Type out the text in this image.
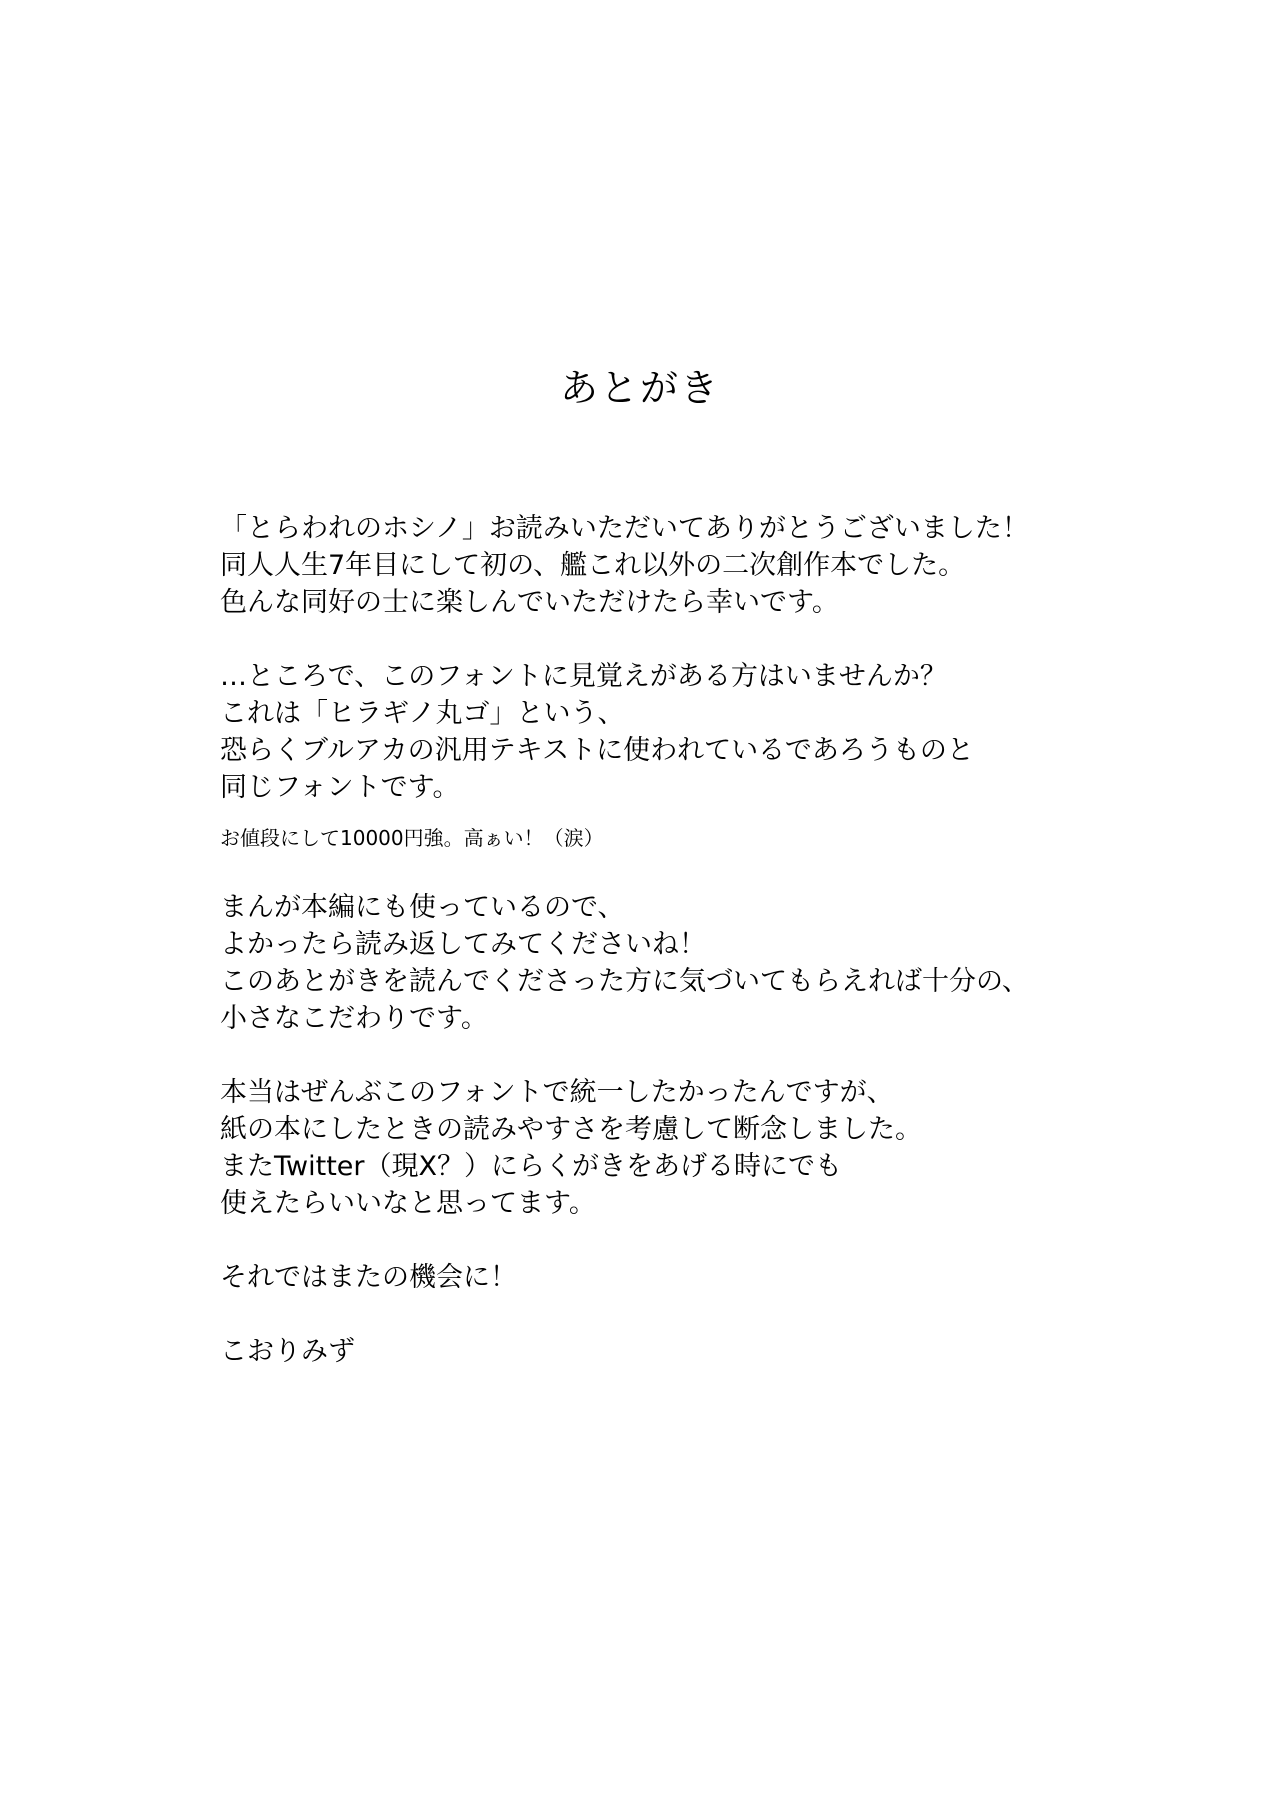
あとがき

「とらわれのホシノ」お読みいただいてありがとうございました！
同人人生7年目にして初の、艦これ以外の二次創作本でした。
色んな同好の士に楽しんでいただけたら幸いです。

…ところで、このフォントに見覚えがある方はいませんか？
これは「ヒラギノ丸ゴ」という、
恐らくブルアカの汎用テキストに使われているであろうものと
同じフォントです。

お値段にして10000円強。高ぁい！（涙）

まんが本編にも使っているので、
よかったら読み返してみてくださいね！
このあとがきを読んでくださった方に気づいてもらえれば十分の、
小さなこだわりです。

本当はぜんぶこのフォントで統一したかったんですが、
紙の本にしたときの読みやすさを考慮して断念しました。
またTwitter（現X？）にらくがきをあげる時にでも
使えたらいいなと思ってます。

それではまたの機会に！

こおりみず
